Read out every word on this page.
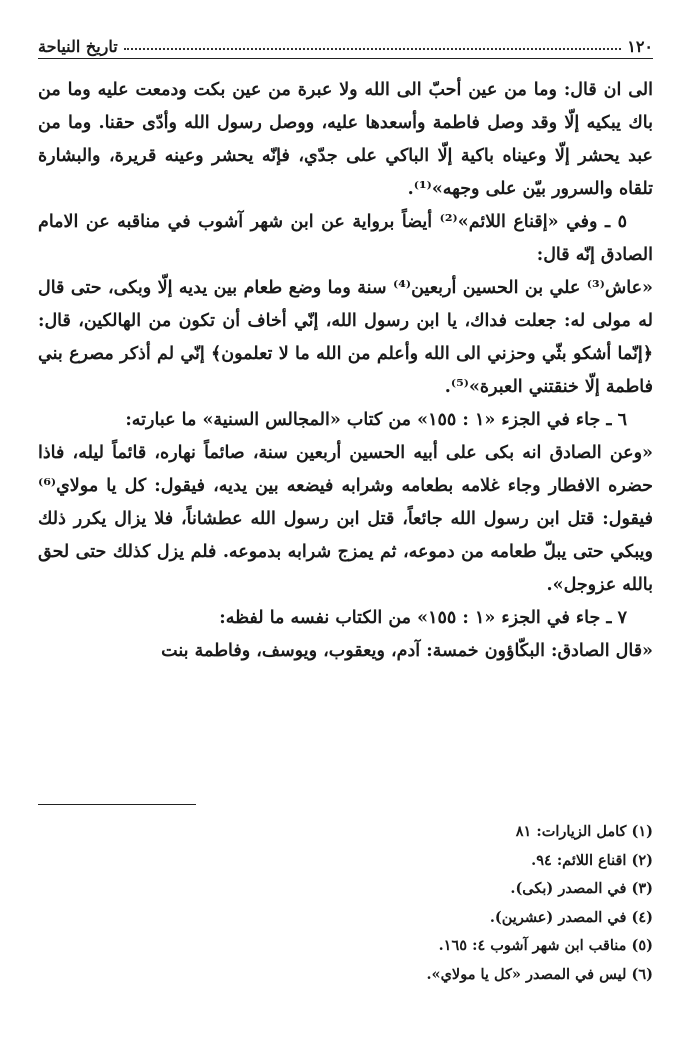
١٢٠
تاريخ النياحة

الى ان قال: وما من عين أحبّ الى الله ولا عبرة من عين بكت ودمعت عليه وما من باك يبكيه إلّا وقد وصل فاطمة وأسعدها عليه، ووصل رسول الله وأدّى حقنا. وما من عبد يحشر إلّا وعيناه باكية إلّا الباكي على جدّي، فإنّه يحشر وعينه قريرة، والبشارة تلقاه والسرور بيّن على وجهه»⁽¹⁾.

٥ ـ وفي «إقناع اللائم»⁽²⁾ أيضاً برواية عن ابن شهر آشوب في مناقبه عن الامام الصادق إنّه قال:

«عاش⁽³⁾ علي بن الحسين أربعين⁽⁴⁾ سنة وما وضع طعام بين يديه إلّا وبكى، حتى قال له مولى له: جعلت فداك، يا ابن رسول الله، إنّي أخاف أن تكون من الهالكين، قال: ﴿إنّما أشكو بثّي وحزني الى الله وأعلم من الله ما لا تعلمون﴾ إنّي لم أذكر مصرع بني فاطمة إلّا خنقتني العبرة»⁽⁵⁾.

٦ ـ جاء في الجزء «١ : ١٥٥» من كتاب «المجالس السنية» ما عبارته:

«وعن الصادق انه بكى على أبيه الحسين أربعين سنة، صائماً نهاره، قائماً ليله، فاذا حضره الافطار وجاء غلامه بطعامه وشرابه فيضعه بين يديه، فيقول: كل يا مولاي⁽⁶⁾ فيقول: قتل ابن رسول الله جائعاً، قتل ابن رسول الله عطشاناً، فلا يزال يكرر ذلك ويبكي حتى يبلّ طعامه من دموعه، ثم يمزج شرابه بدموعه. فلم يزل كذلك حتى لحق بالله عزوجل».

٧ ـ جاء في الجزء «١ : ١٥٥» من الكتاب نفسه ما لفظه:

«قال الصادق: البكّاؤون خمسة: آدم، ويعقوب، ويوسف، وفاطمة بنت

(١) كامل الزيارات: ٨١
(٢) اقناع اللائم: ٩٤.
(٣) في المصدر (بكى).
(٤) في المصدر (عشرين).
(٥) مناقب ابن شهر آشوب ٤: ١٦٥.
(٦) ليس في المصدر «كل يا مولاي».
